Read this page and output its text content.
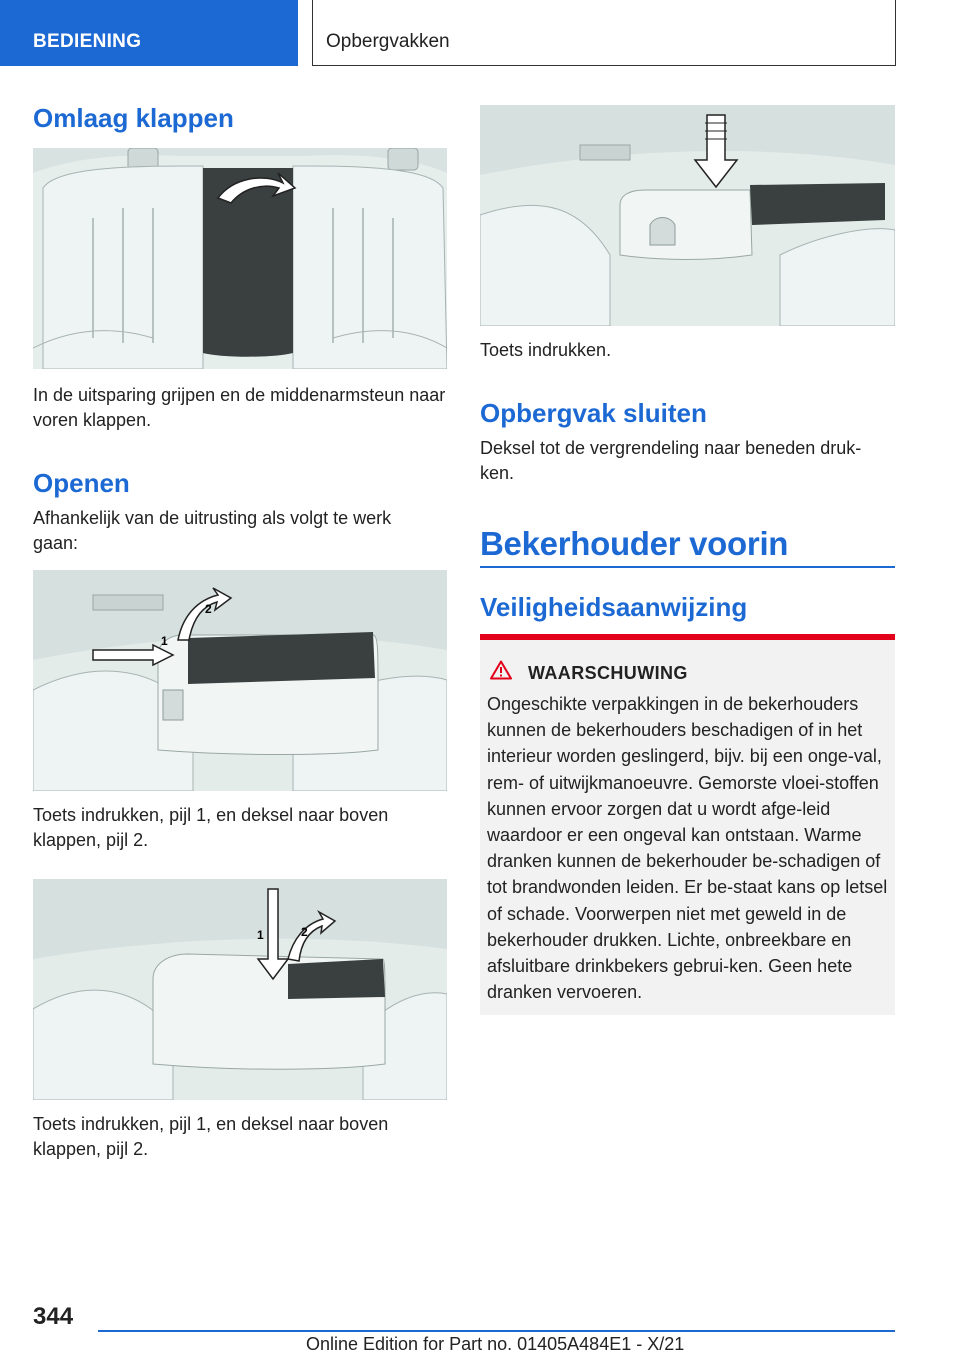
BEDIENING	Opbergvakken
Omlaag klappen
In de uitsparing grijpen en de middenarmsteun naar voren klappen.
Openen
Afhankelijk van de uitrusting als volgt te werk gaan:
1
2
Toets indrukken, pijl 1, en deksel naar boven klappen, pijl 2.
1	2
Toets indrukken, pijl 1, en deksel naar boven klappen, pijl 2.
Toets indrukken.
Opbergvak sluiten
Deksel tot de vergrendeling naar beneden druk-ken.
Bekerhouder voorin
Veiligheidsaanwijzing
WAARSCHUWING
Ongeschikte verpakkingen in de bekerhouders kunnen de bekerhouders beschadigen of in het interieur worden geslingerd, bijv. bij een onge-val, rem- of uitwijkmanoeuvre. Gemorste vloei-stoffen kunnen ervoor zorgen dat u wordt afge-leid waardoor er een ongeval kan ontstaan. Warme dranken kunnen de bekerhouder be-schadigen of tot brandwonden leiden. Er be-staat kans op letsel of schade. Voorwerpen niet met geweld in de bekerhouder drukken. Lichte, onbreekbare en afsluitbare drinkbekers gebrui-ken. Geen hete dranken vervoeren.
344
Online Edition for Part no. 01405A484E1 - X/21
